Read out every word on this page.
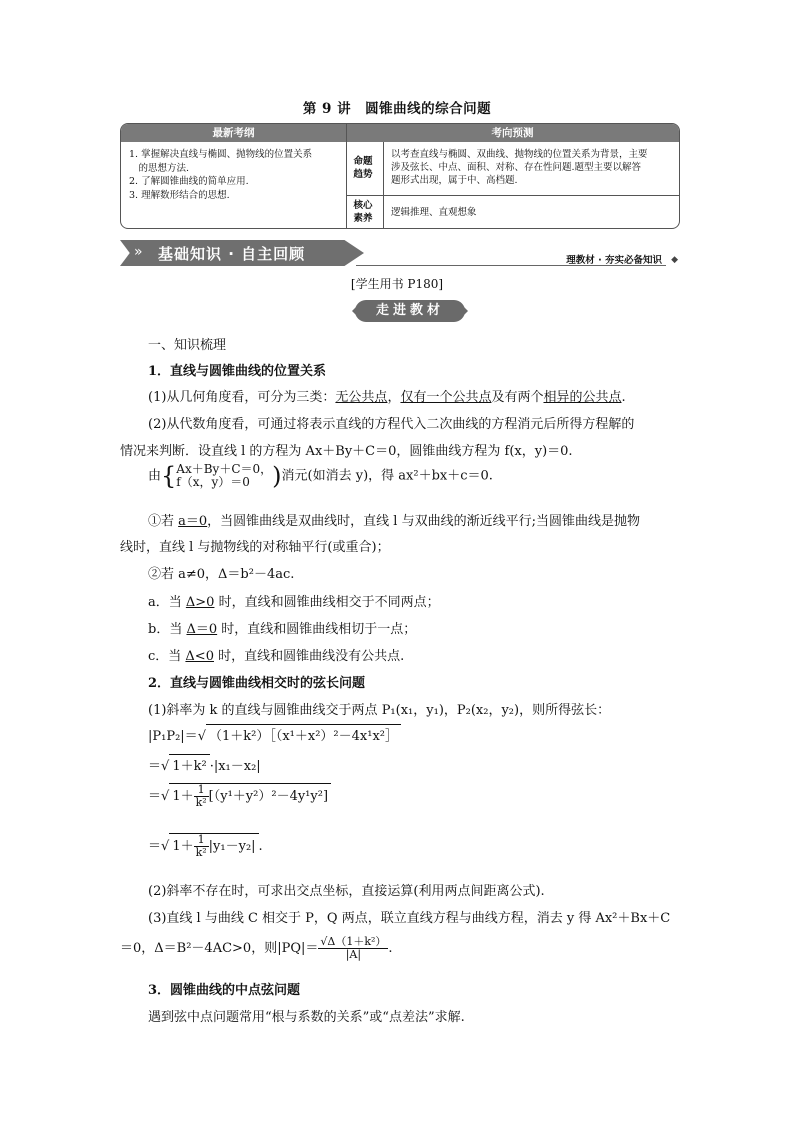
第 9 讲　圆锥曲线的综合问题
最新考纲	考向预测
1. 掌握解决直线与椭圆、抛物线的位置关系
　的思想方法.
2. 了解圆锥曲线的简单应用.
3. 理解数形结合的思想.
命题
趋势
以考查直线与椭圆、双曲线、抛物线的位置关系为背景，主要
涉及弦长、中点、面积、对称、存在性问题.题型主要以解答
题形式出现，属于中、高档题.
核心
素养
逻辑推理、直观想象
» 基础知识 · 自主回顾	理教材 · 夯实必备知识 ◆
[学生用书 P180]
走进教材
一、知识梳理
1．直线与圆锥曲线的位置关系
(1)从几何角度看，可分为三类：无公共点，仅有一个公共点及有两个相异的公共点.
(2)从代数角度看，可通过将表示直线的方程代入二次曲线的方程消元后所得方程解的
情况来判断．设直线 l 的方程为 Ax＋By＋C＝0，圆锥曲线方程为 f(x，y)＝0.
由{ Ax＋By＋C＝0，
f（x，y）＝0 )消元(如消去 y)，得 ax²＋bx＋c＝0.
①若 a＝0，当圆锥曲线是双曲线时，直线 l 与双曲线的渐近线平行;当圆锥曲线是抛物
线时，直线 l 与抛物线的对称轴平行(或重合)；
②若 a≠0，Δ＝b²－4ac.
a．当 Δ>0 时，直线和圆锥曲线相交于不同两点；
b．当 Δ＝0 时，直线和圆锥曲线相切于一点；
c．当 Δ<0 时，直线和圆锥曲线没有公共点.
2．直线与圆锥曲线相交时的弦长问题
(1)斜率为 k 的直线与圆锥曲线交于两点 P₁(x₁，y₁)，P₂(x₂，y₂)，则所得弦长：
|P₁P₂|＝√ （1＋k²）［（x¹＋x²）²－4x¹x²］
＝√ 1＋k² ·|x₁－x₂|
＝√ $1+ \frac{1}{\text{k²}} [(y^1+y^2)^2-4y^1y^2]$
＝√ $1+ \frac{1}{\text{k²}} |y_1-y_2|$ .
(2)斜率不存在时，可求出交点坐标，直接运算(利用两点间距离公式).
(3)直线 l 与曲线 C 相交于 P，Q 两点，联立直线方程与曲线方程，消去 y 得 Ax²＋Bx＋C
＝0，Δ＝B²－4AC>0，则$|PQ|= \frac{\text{√Δ（1＋k²）}}{|A|}$ .
3．圆锥曲线的中点弦问题
遇到弦中点问题常用“根与系数的关系”或“点差法”求解.
